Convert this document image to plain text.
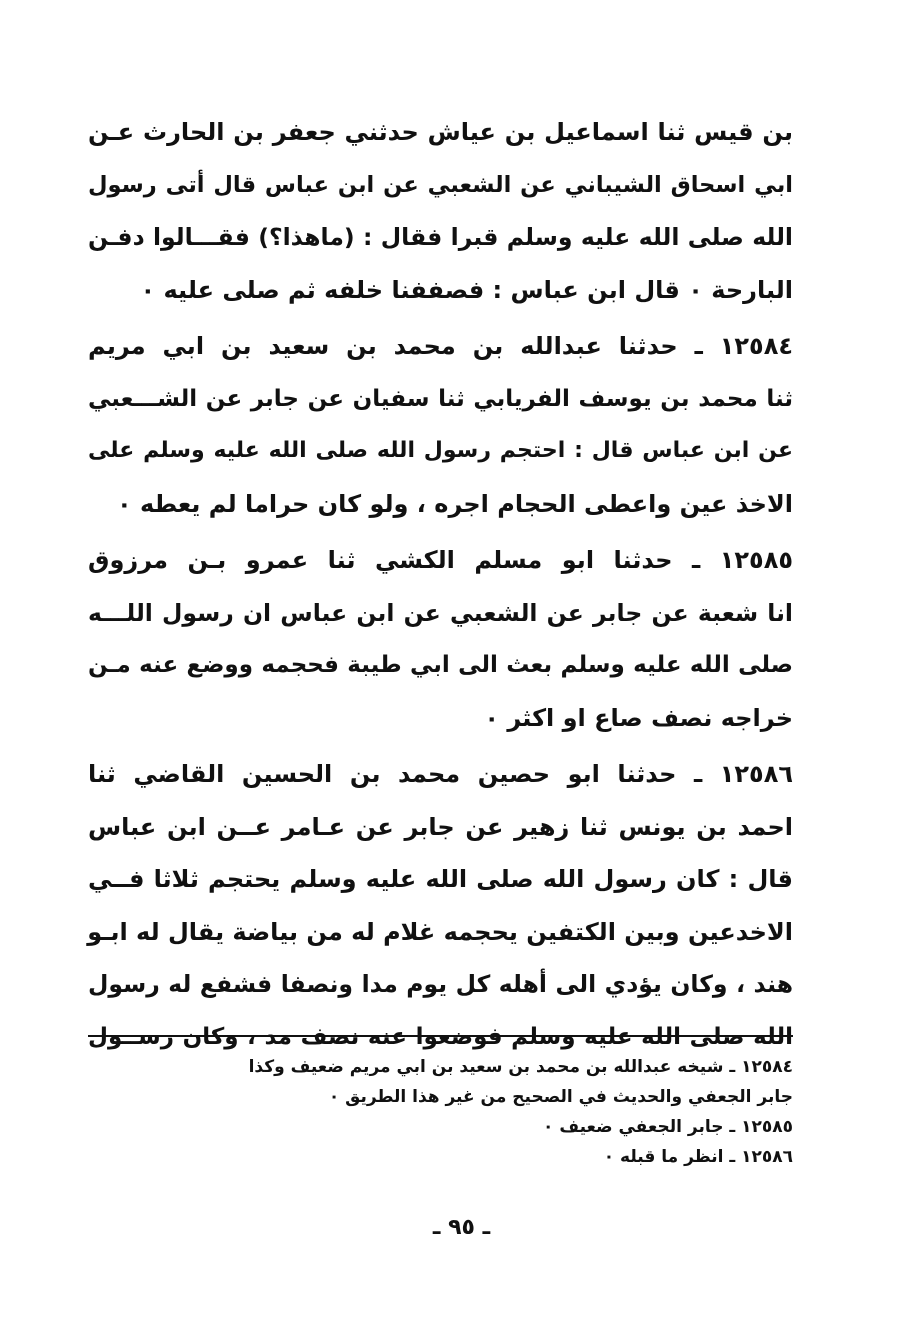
بن قيس ثنا اسماعيل بن عياش حدثني جعفر بن الحارث عـن
ابي اسحاق الشيباني عن الشعبي عن ابن عباس قال أتى رسول
الله صلى الله عليه وسلم قبرا فقال : (ماهذا؟) فقـــالوا دفـن
البارحة ٠ قال ابن عباس : فصففنا خلفه ثم صلى عليه ٠
١٢٥٨٤ ـ حدثنا عبدالله بن محمد بن سعيد بن ابي مريم
ثنا محمد بن يوسف الفريابي ثنا سفيان عن جابر عن الشـــعبي
عن ابن عباس قال : احتجم رسول الله صلى الله عليه وسلم على
الاخذ عين واعطى الحجام اجره ، ولو كان حراما لم يعطه ٠
١٢٥٨٥ ـ حدثنا ابو مسلم الكشي ثنا عمرو بـن مرزوق
انا شعبة عن جابر عن الشعبي عن ابن عباس ان رسول اللـــه
صلى الله عليه وسلم بعث الى ابي طيبة فحجمه ووضع عنه مـن
خراجه نصف صاع او اكثر ٠
١٢٥٨٦ ـ حدثنا ابو حصين محمد بن الحسين القاضي ثنا
احمد بن يونس ثنا زهير عن جابر عن عـامر عــن ابن عباس
قال : كان رسول الله صلى الله عليه وسلم يحتجم ثلاثا فــي
الاخدعين وبين الكتفين يحجمه غلام له من بياضة يقال له ابـو
هند ، وكان يؤدي الى أهله كل يوم مدا ونصفا فشفع له رسول
الله صلى الله عليه وسلم فوضعوا عنه نصف مد ، وكان رســول
١٢٥٨٤ ـ شيخه عبدالله بن محمد بن سعيد بن ابي مريم ضعيف وكذا
جابر الجعفي والحديث في الصحيح من غير هذا الطريق ٠
١٢٥٨٥ ـ جابر الجعفي ضعيف ٠
١٢٥٨٦ ـ انظر ما قبله ٠
ـ ٩٥ ـ
